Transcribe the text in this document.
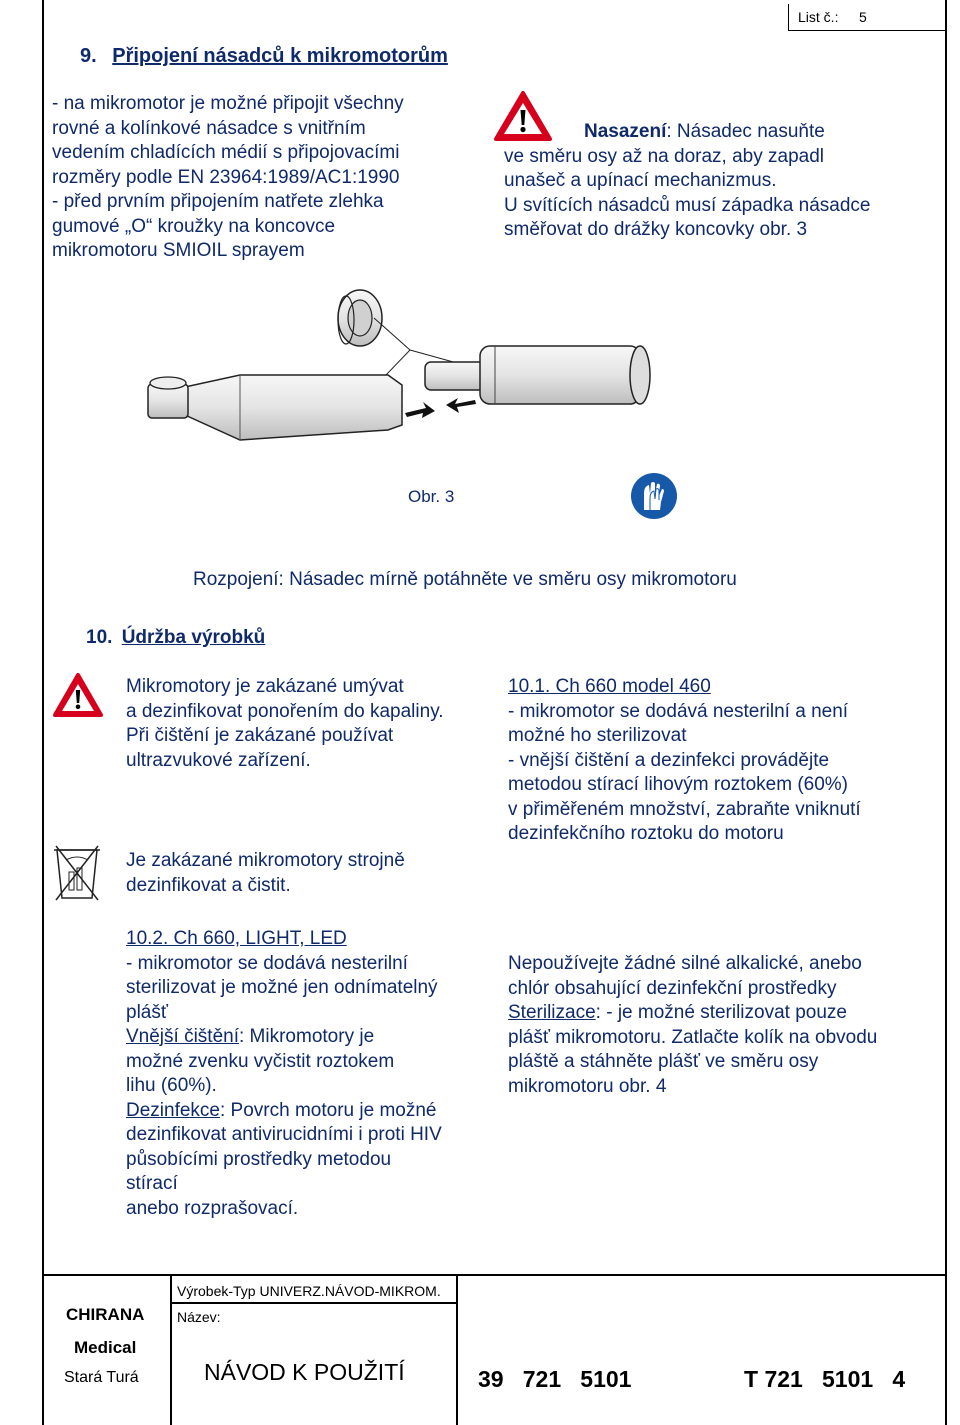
List č.: 5
9. Připojení násadců k mikromotorům
- na mikromotor je možné připojit všechny
rovné a kolínkové násadce s vnitřním
vedením chladících médií s připojovacími
rozměry podle EN 23964:1989/AC1:1990
- před prvním připojením natřete zlehka
gumové „O“ kroužky na koncovce
mikromotoru SMIOIL sprayem
Nasazení: Násadec nasuňte
ve směru osy až na doraz, aby zapadl
unašeč a upínací mechanizmus.
U svítících násadců musí západka násadce
směřovat do drážky koncovky obr. 3
Obr. 3
Rozpojení: Násadec mírně potáhněte ve směru osy mikromotoru
10. Údržba výrobků
Mikromotory je zakázané umývat
a dezinfikovat ponořením do kapaliny.
Při čištění je zakázané používat
ultrazvukové zařízení.
Je zakázané mikromotory strojně
dezinfikovat a čistit.
10.1. Ch 660 model 460
- mikromotor se dodává nesterilní a není
možné ho sterilizovat
- vnější čištění a dezinfekci provádějte
metodou stírací lihovým roztokem (60%)
v přiměřeném množství, zabraňte vniknutí
dezinfekčního roztoku do motoru
10.2. Ch 660, LIGHT, LED
- mikromotor se dodává nesterilní
sterilizovat je možné jen odnímatelný
plášť
Vnější čištění: Mikromotory je
možné zvenku vyčistit roztokem
lihu (60%).
Dezinfekce: Povrch motoru je možné
dezinfikovat antivirucidními i proti HIV
působícími prostředky metodou
stírací
anebo rozprašovací.
Nepoužívejte žádné silné alkalické, anebo
chlór obsahující dezinfekční prostředky
Sterilizace: - je možné sterilizovat pouze
plášť mikromotoru. Zatlačte kolík na obvodu
pláště a stáhněte plášť ve směru osy
mikromotoru obr. 4
CHIRANA
Medical
Stará Turá
Výrobek-Typ UNIVERZ.NÁVOD-MIKROM.
Název:
NÁVOD K POUŽITÍ	39   721   5101	T 721   5101   4
